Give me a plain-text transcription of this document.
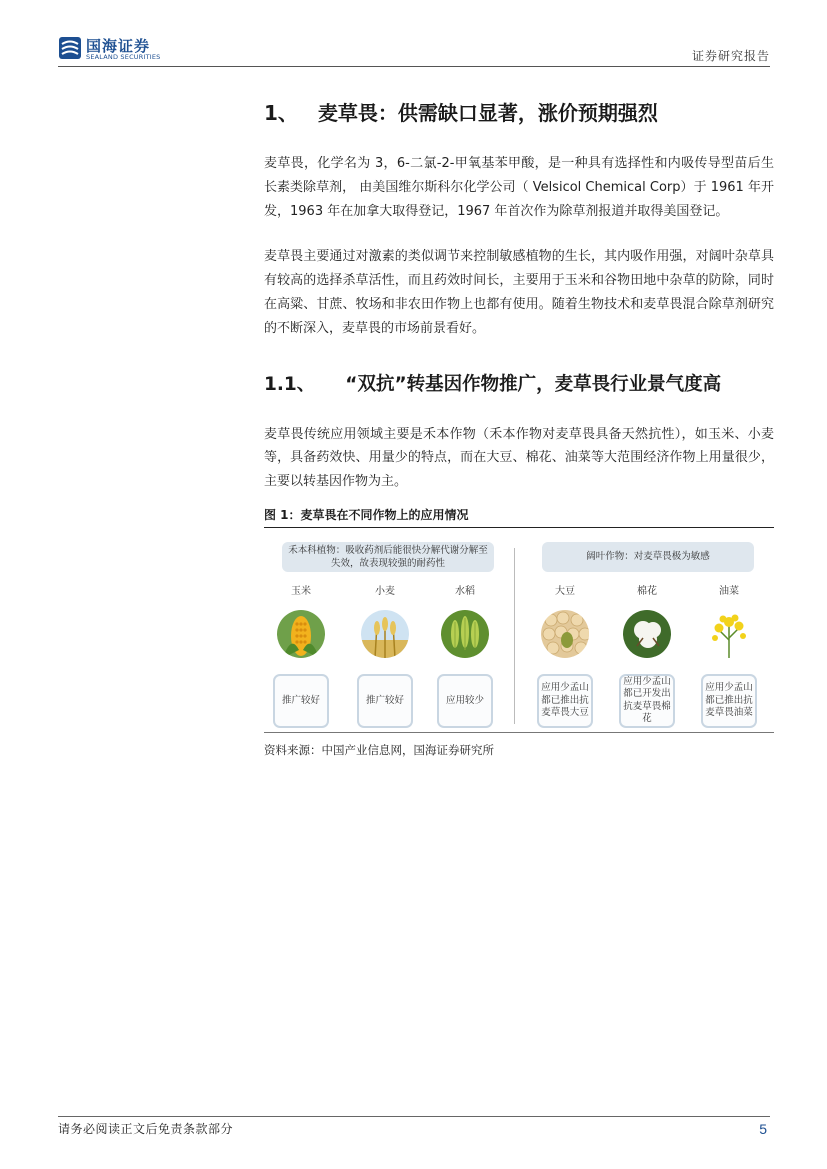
国海证券
SEALAND SECURITIES	证券研究报告
1、 麦草畏：供需缺口显著，涨价预期强烈

麦草畏，化学名为 3，6-二氯-2-甲氧基苯甲酸，是一种具有选择性和内吸传导型苗后生长素类除草剂， 由美国维尔斯科尔化学公司（ Velsicol Chemical Corp）于 1961 年开发，1963 年在加拿大取得登记，1967 年首次作为除草剂报道并取得美国登记。

麦草畏主要通过对激素的类似调节来控制敏感植物的生长，其内吸作用强，对阔叶杂草具有较高的选择杀草活性，而且药效时间长，主要用于玉米和谷物田地中杂草的防除，同时在高粱、甘蔗、牧场和非农田作物上也都有使用。随着生物技术和麦草畏混合除草剂研究的不断深入，麦草畏的市场前景看好。

1.1、 “双抗”转基因作物推广，麦草畏行业景气度高

麦草畏传统应用领域主要是禾本作物（禾本作物对麦草畏具备天然抗性），如玉米、小麦等，具备药效快、用量少的特点，而在大豆、棉花、油菜等大范围经济作物上用量很少，主要以转基因作物为主。

图 1：麦草畏在不同作物上的应用情况

禾本科植物：吸收药剂后能很快分解代谢分解至失效，故表现较强的耐药性
阔叶作物：对麦草畏极为敏感
玉米
推广较好
小麦
推广较好
水稻
应用较少
大豆
应用少孟山都已推出抗麦草畏大豆
棉花
应用少孟山都已开发出抗麦草畏棉花
油菜
应用少孟山都已推出抗麦草畏油菜

资料来源：中国产业信息网，国海证券研究所

请务必阅读正文后免责条款部分	5
